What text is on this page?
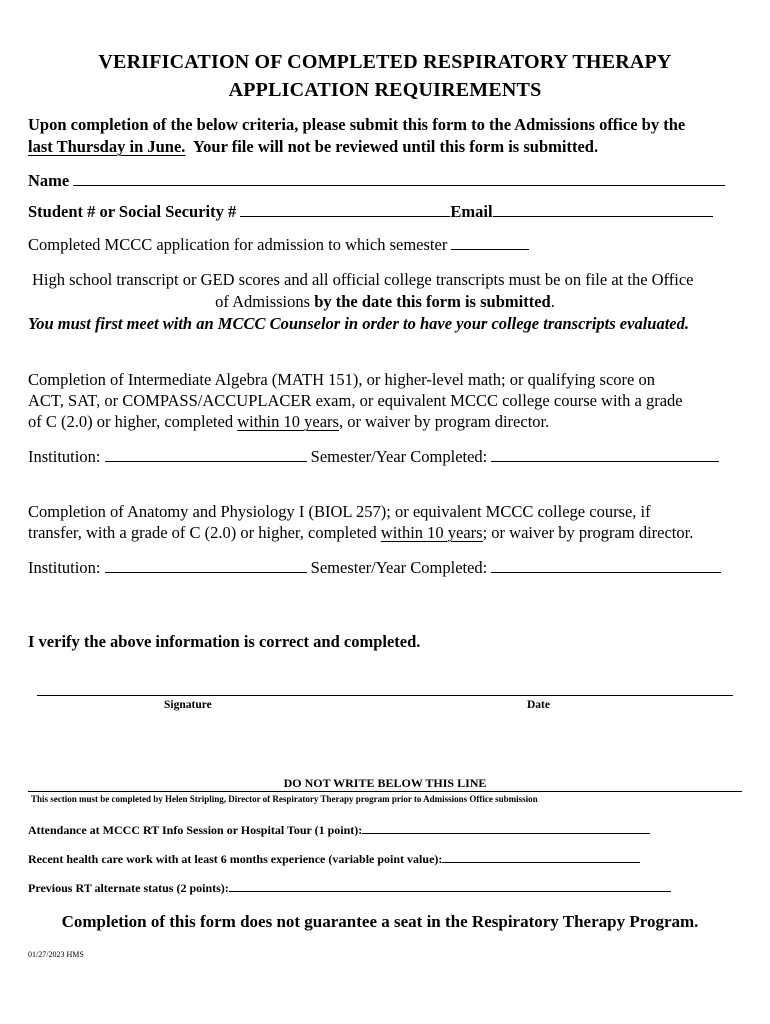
VERIFICATION OF COMPLETED RESPIRATORY THERAPY
APPLICATION REQUIREMENTS
Upon completion of the below criteria, please submit this form to the Admissions office by the
last Thursday in June.  Your file will not be reviewed until this form is submitted.
Name
Student # or Social Security #	Email
Completed MCCC application for admission to which semester
High school transcript or GED scores and all official college transcripts must be on file at the Office
of Admissions by the date this form is submitted.
You must first meet with an MCCC Counselor in order to have your college transcripts evaluated.
Completion of Intermediate Algebra (MATH 151), or higher-level math; or qualifying score on
ACT, SAT, or COMPASS/ACCUPLACER exam, or equivalent MCCC college course with a grade
of C (2.0) or higher, completed within 10 years, or waiver by program director.
Institution:	Semester/Year Completed:
Completion of Anatomy and Physiology I (BIOL 257); or equivalent MCCC college course, if
transfer, with a grade of C (2.0) or higher, completed within 10 years; or waiver by program director.
Institution:	Semester/Year Completed:
I verify the above information is correct and completed.
Signature	Date
DO NOT WRITE BELOW THIS LINE
This section must be completed by Helen Stripling, Director of Respiratory Therapy program prior to Admissions Office submission
Attendance at MCCC RT Info Session or Hospital Tour (1 point):
Recent health care work with at least 6 months experience (variable point value):
Previous RT alternate status (2 points):
Completion of this form does not guarantee a seat in the Respiratory Therapy Program.
01/27/2023 HMS
